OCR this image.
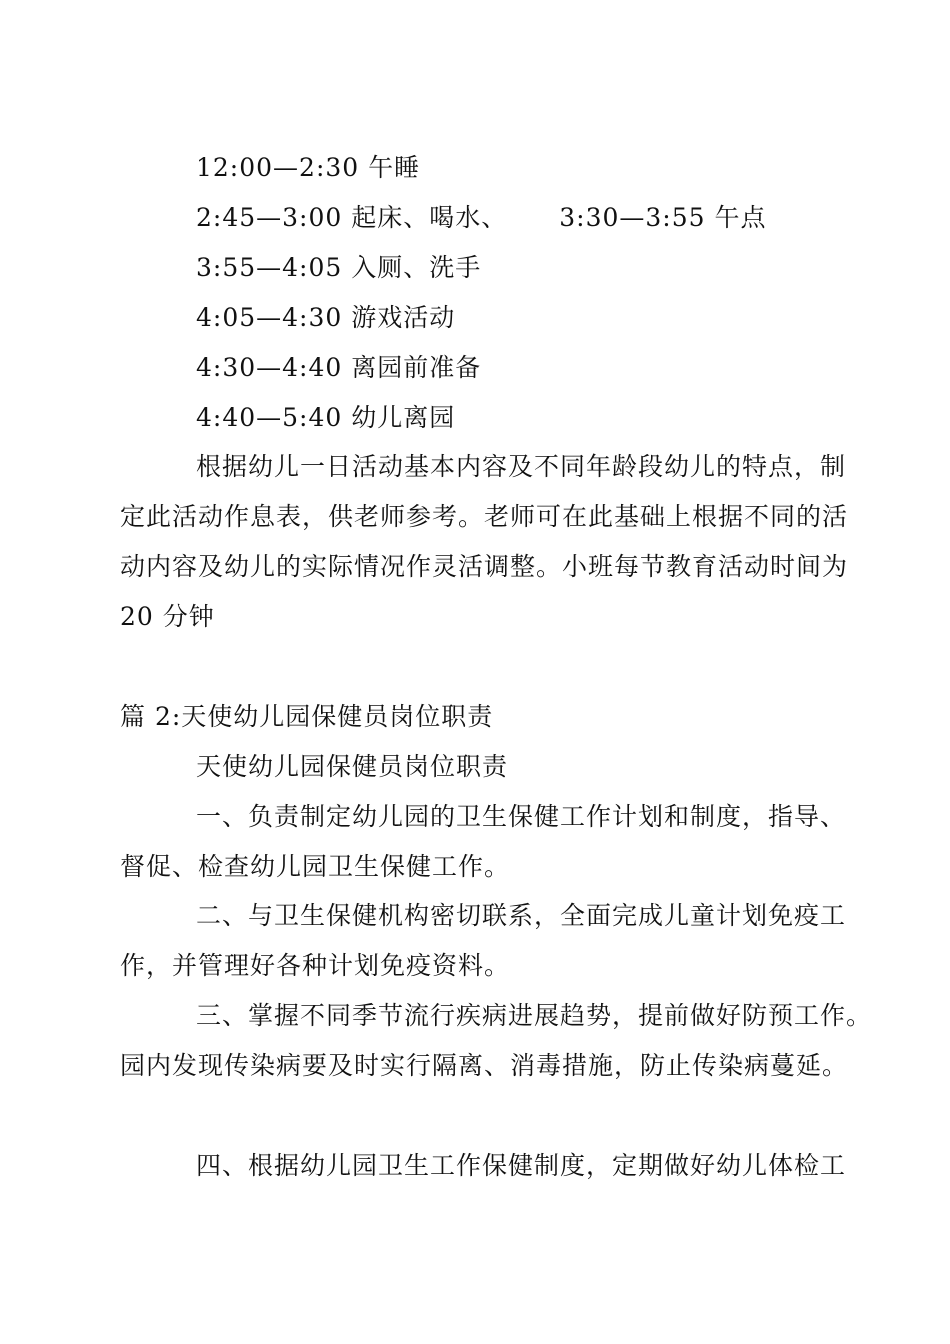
12:00—2:30 午睡
2:45—3:00 起床、喝水、 3:30—3:55 午点
3:55—4:05 入厕、洗手
4:05—4:30 游戏活动
4:30—4:40 离园前准备
4:40—5:40 幼儿离园
根据幼儿一日活动基本内容及不同年龄段幼儿的特点，制
定此活动作息表，供老师参考。老师可在此基础上根据不同的活
动内容及幼儿的实际情况作灵活调整。小班每节教育活动时间为
20 分钟
篇 2:天使幼儿园保健员岗位职责
天使幼儿园保健员岗位职责
一、负责制定幼儿园的卫生保健工作计划和制度，指导、
督促、检查幼儿园卫生保健工作。
二、与卫生保健机构密切联系，全面完成儿童计划免疫工
作，并管理好各种计划免疫资料。
三、掌握不同季节流行疾病进展趋势，提前做好防预工作。
园内发现传染病要及时实行隔离、消毒措施，防止传染病蔓延。
四、根据幼儿园卫生工作保健制度，定期做好幼儿体检工
